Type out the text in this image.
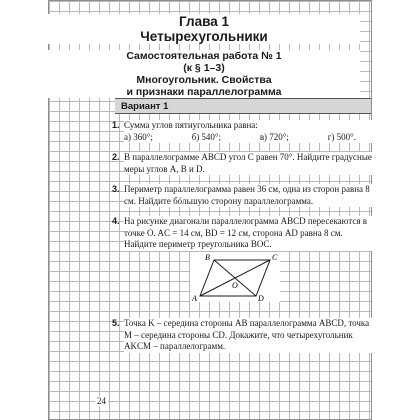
Глава 1
Четырехугольники
Самостоятельная работа № 1
(к § 1–3)
Многоугольник. Свойства
и признаки параллелограмма
Вариант 1
1. Сумма углов пятиугольника равна:
а) 360°;	б) 540°;	в) 720°;	г) 500°.
2. В параллелограмме ABCD угол C равен 70°. Найдите градусные меры углов A, B и D.
3. Периметр параллелограмма равен 36 см, одна из сторон равна 8 см. Найдите бóльшую сторону параллелограмма.
4. На рисунке диагонали параллелограмма ABCD пересекаются в точке O. AC = 14 см, BD = 12 см, сторона AD равна 8 см. Найдите периметр треугольника BOC.
B	C
A	D
O
5. Точка K – середина стороны AB параллелограмма ABCD, точка M – середина стороны CD. Докажите, что четырехугольник AKCM – параллелограмм.
24
